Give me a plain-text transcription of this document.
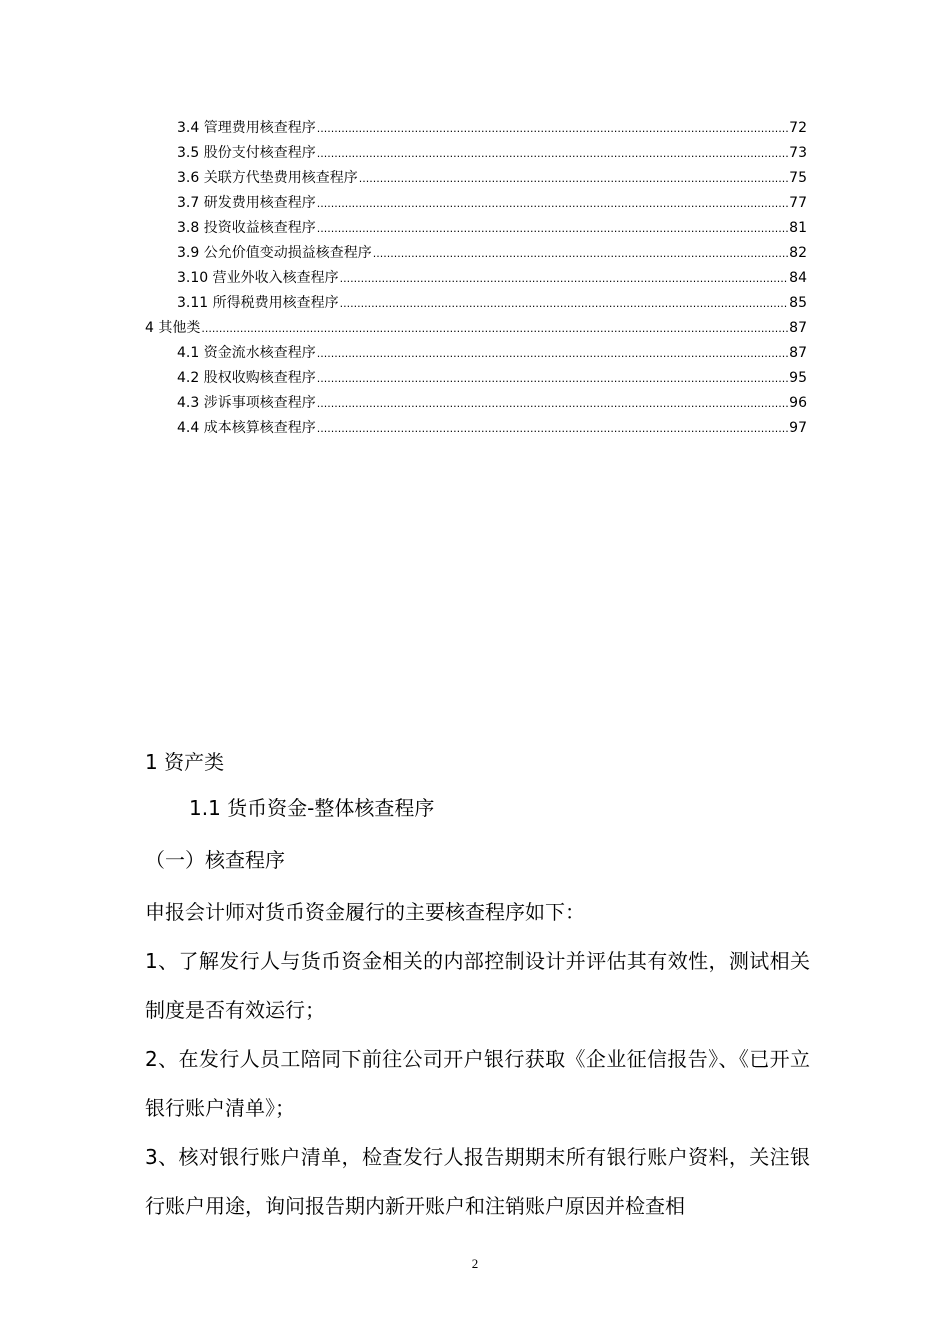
3.4 管理费用核查程序 .....	72
3.5 股份支付核查程序 .....	73
3.6 关联方代垫费用核查程序 .....	75
3.7 研发费用核查程序 .....	77
3.8 投资收益核查程序 .....	81
3.9 公允价值变动损益核查程序 .....	82
3.10 营业外收入核查程序 .....	84
3.11 所得税费用核查程序 .....	85
4 其他类 .....	87
4.1 资金流水核查程序 .....	87
4.2 股权收购核查程序 .....	95
4.3 涉诉事项核查程序 .....	96
4.4 成本核算核查程序 .....	97
1 资产类
1.1 货币资金-整体核查程序
（一）核查程序

申报会计师对货币资金履行的主要核查程序如下：

1、了解发行人与货币资金相关的内部控制设计并评估其有效性，测试相关制度是否有效运行；

2、在发行人员工陪同下前往公司开户银行获取《企业征信报告》、《已开立银行账户清单》；

3、核对银行账户清单，检查发行人报告期期末所有银行账户资料，关注银行账户用途，询问报告期内新开账户和注销账户原因并检查相

2
